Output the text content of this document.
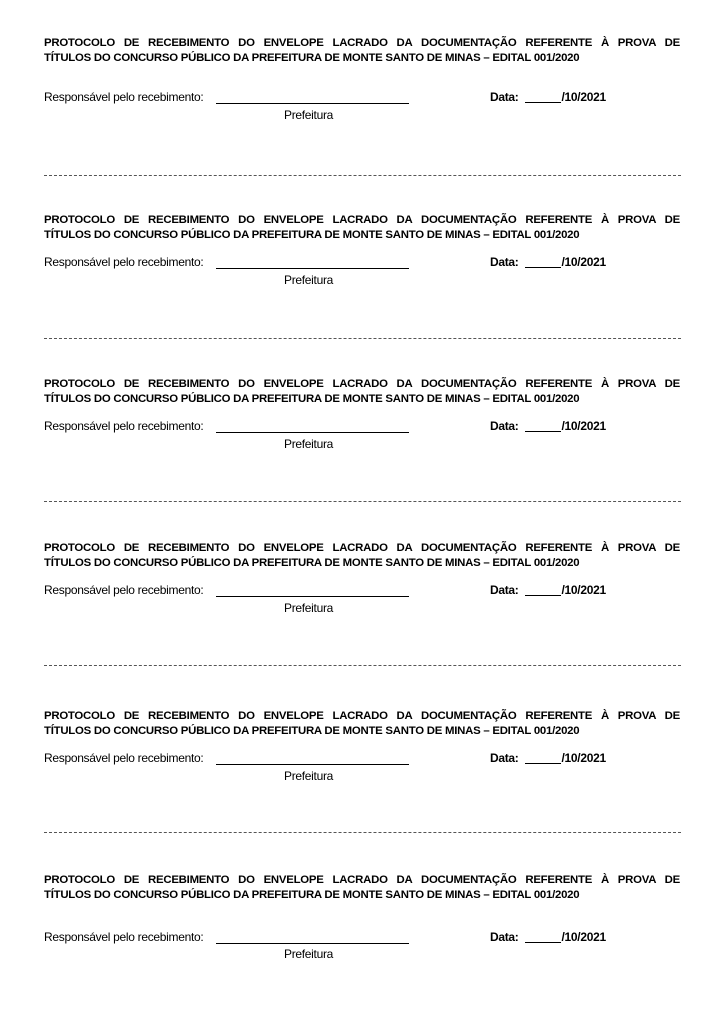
PROTOCOLO DE RECEBIMENTO DO ENVELOPE LACRADO DA DOCUMENTAÇÃO REFERENTE À PROVA DE
TÍTULOS DO CONCURSO PÚBLICO DA PREFEITURA DE MONTE SANTO DE MINAS – EDITAL 001/2020
Responsável pelo recebimento:	Data:	/10/2021
Prefeitura
PROTOCOLO DE RECEBIMENTO DO ENVELOPE LACRADO DA DOCUMENTAÇÃO REFERENTE À PROVA DE
TÍTULOS DO CONCURSO PÚBLICO DA PREFEITURA DE MONTE SANTO DE MINAS – EDITAL 001/2020
Responsável pelo recebimento:	Data:	/10/2021
Prefeitura
PROTOCOLO DE RECEBIMENTO DO ENVELOPE LACRADO DA DOCUMENTAÇÃO REFERENTE À PROVA DE
TÍTULOS DO CONCURSO PÚBLICO DA PREFEITURA DE MONTE SANTO DE MINAS – EDITAL 001/2020
Responsável pelo recebimento:	Data:	/10/2021
Prefeitura
PROTOCOLO DE RECEBIMENTO DO ENVELOPE LACRADO DA DOCUMENTAÇÃO REFERENTE À PROVA DE
TÍTULOS DO CONCURSO PÚBLICO DA PREFEITURA DE MONTE SANTO DE MINAS – EDITAL 001/2020
Responsável pelo recebimento:	Data:	/10/2021
Prefeitura
PROTOCOLO DE RECEBIMENTO DO ENVELOPE LACRADO DA DOCUMENTAÇÃO REFERENTE À PROVA DE
TÍTULOS DO CONCURSO PÚBLICO DA PREFEITURA DE MONTE SANTO DE MINAS – EDITAL 001/2020
Responsável pelo recebimento:	Data:	/10/2021
Prefeitura
PROTOCOLO DE RECEBIMENTO DO ENVELOPE LACRADO DA DOCUMENTAÇÃO REFERENTE À PROVA DE
TÍTULOS DO CONCURSO PÚBLICO DA PREFEITURA DE MONTE SANTO DE MINAS – EDITAL 001/2020
Responsável pelo recebimento:	Data:	/10/2021
Prefeitura
